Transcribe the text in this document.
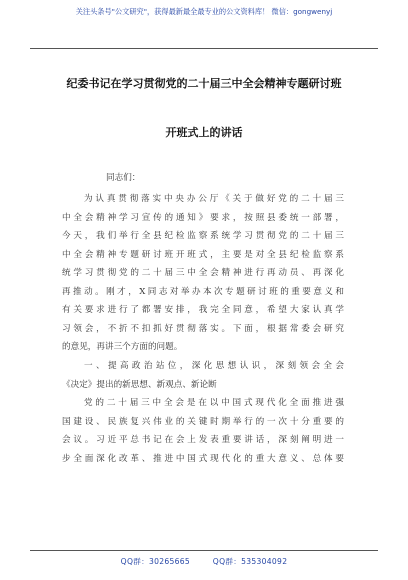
关注头条号"公文研究"，获得最新最全最专业的公文资料库！ 微信：gongwenyj
纪委书记在学习贯彻党的二十届三中全会精神专题研讨班
开班式上的讲话
同志们：
为认真贯彻落实中央办公厅《关于做好党的二十届三
中全会精神学习宣传的通知》要求，按照县委统一部署，
今天，我们举行全县纪检监察系统学习贯彻党的二十届三
中全会精神专题研讨班开班式，主要是对全县纪检监察系
统学习贯彻党的二十届三中全会精神进行再动员、再深化
再推动。刚才，X同志对举办本次专题研讨班的重要意义和
有关要求进行了都署安排，我完全同意，希望大家认真学
习领会，不折不扣抓好贯彻落实。下面，根据常委会研究
的意见，再讲三个方面的问题。
一、提高政治站位，深化思想认识，深刻领会全会
《决定》提出的新思想、新观点、新论断
党的二十届三中全会是在以中国式现代化全面推进强
国建设、民族复兴伟业的关键时期举行的一次十分重要的
会议。习近平总书记在会上发表重要讲话，深刻阐明进一
步全面深化改革、推进中国式现代化的重大意义、总体要
QQ群：30265665	QQ群：535304092
